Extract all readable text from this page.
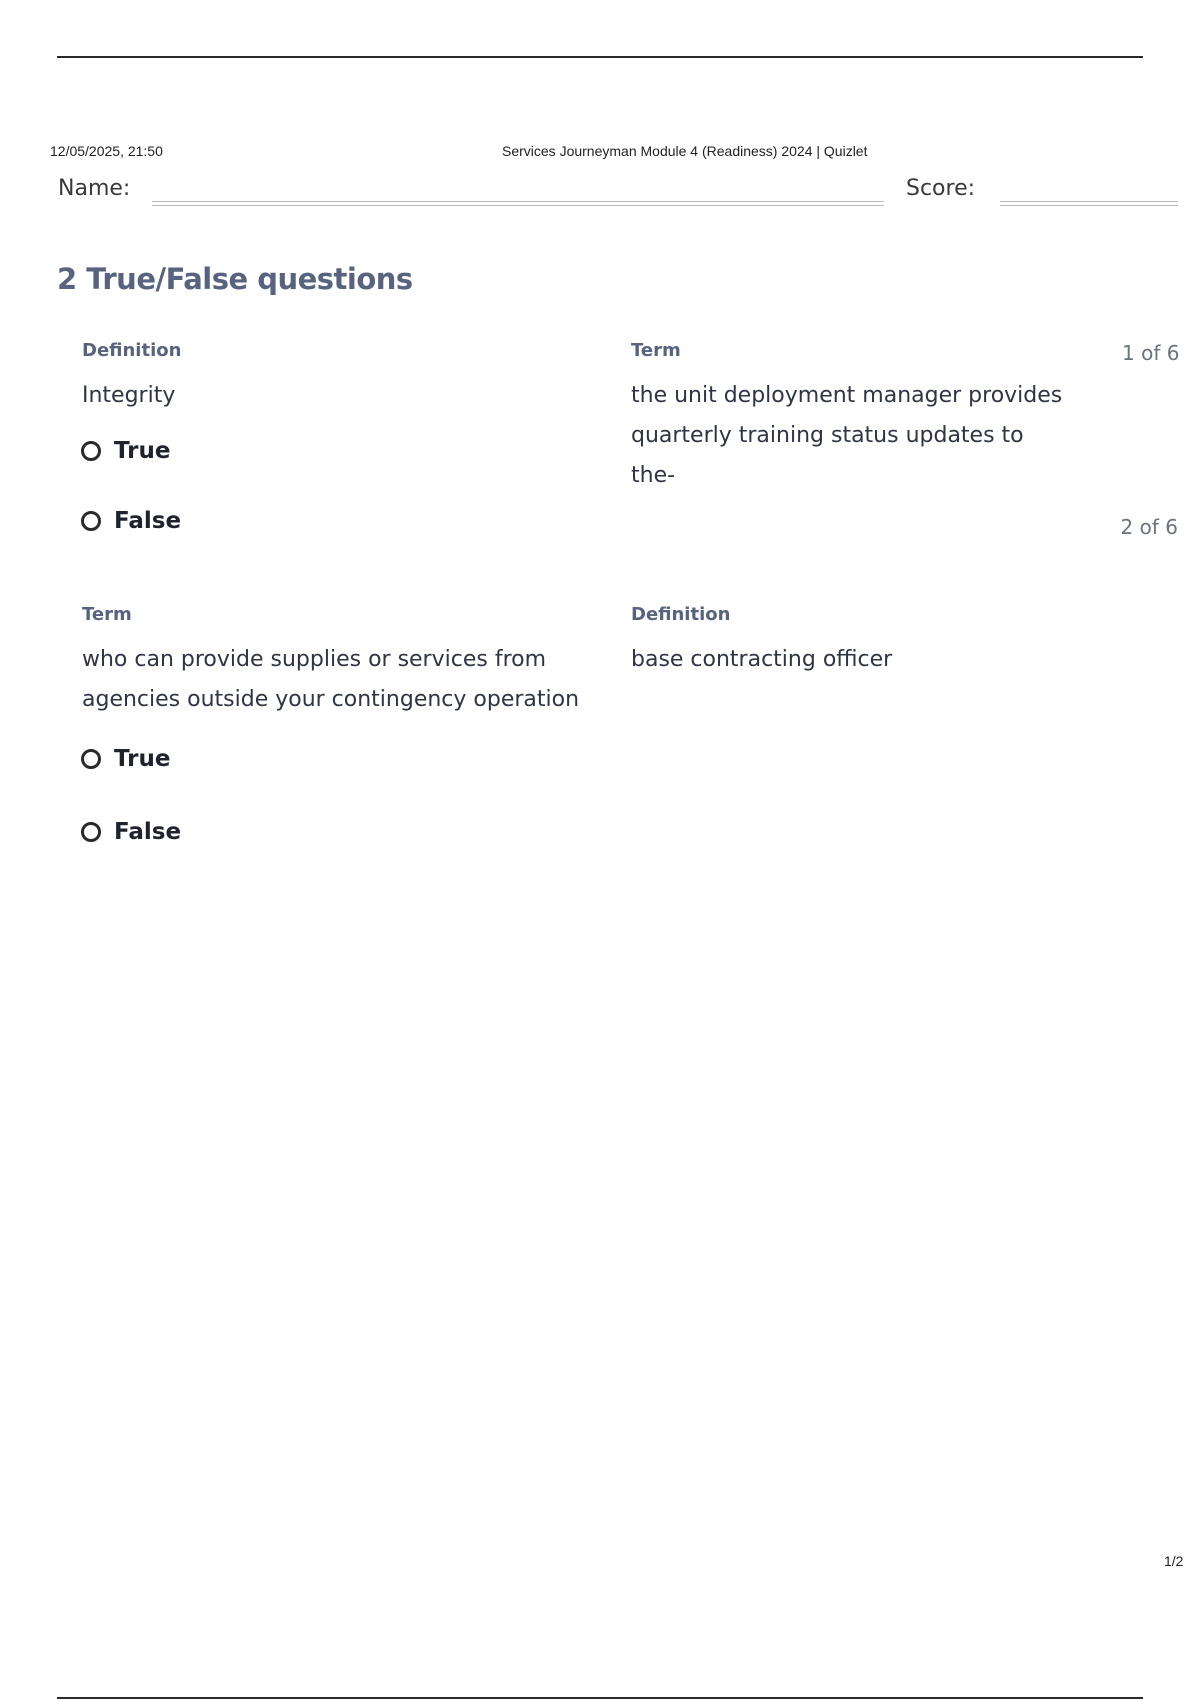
12/05/2025, 21:50	Services Journeyman Module 4 (Readiness) 2024 | Quizlet
Name:	Score:
2 True/False questions
1 of 6
2 of 6
Definition
Integrity
Term
the unit deployment manager provides quarterly training status updates to the-
True
False
Term
who can provide supplies or services from agencies outside your contingency operation
Definition
base contracting officer
True
False
1/2
